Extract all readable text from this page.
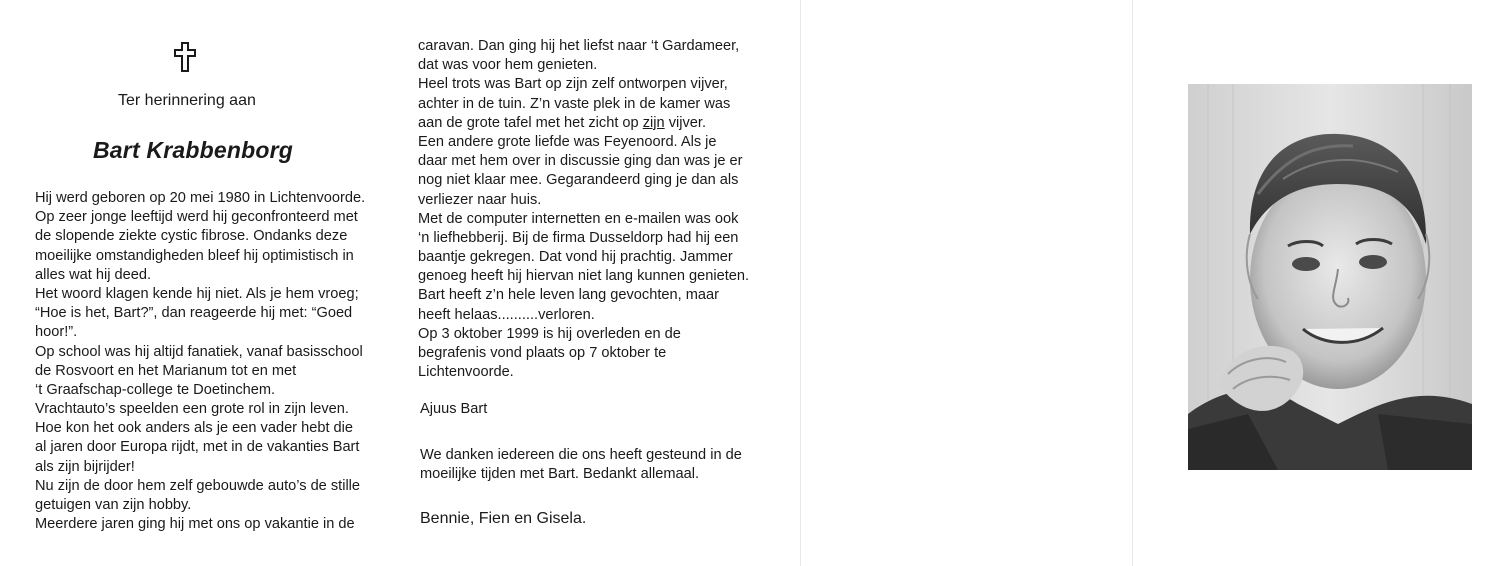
Ter herinnering aan
Bart Krabbenborg
Hij werd geboren op 20 mei 1980 in Lichtenvoorde.
Op zeer jonge leeftijd werd hij geconfronteerd met
de slopende ziekte cystic fibrose. Ondanks deze
moeilijke omstandigheden bleef hij optimistisch in
alles wat hij deed.
Het woord klagen kende hij niet. Als je hem vroeg;
“Hoe is het, Bart?”, dan reageerde hij met: “Goed
hoor!”.
Op school was hij altijd fanatiek, vanaf basisschool
de Rosvoort en het Marianum tot en met
‘t Graafschap-college te Doetinchem.
Vrachtauto’s speelden een grote rol in zijn leven.
Hoe kon het ook anders als je een vader hebt die
al jaren door Europa rijdt, met in de vakanties Bart
als zijn bijrijder!
Nu zijn de door hem zelf gebouwde auto’s de stille
getuigen van zijn hobby.
Meerdere jaren ging hij met ons op vakantie in de
caravan. Dan ging hij het liefst naar ‘t Gardameer,
dat was voor hem genieten.
Heel trots was Bart op zijn zelf ontworpen vijver,
achter in de tuin. Z’n vaste plek in de kamer was
aan de grote tafel met het zicht op zijn vijver.
Een andere grote liefde was Feyenoord. Als je
daar met hem over in discussie ging dan was je er
nog niet klaar mee. Gegarandeerd ging je dan als
verliezer naar huis.
Met de computer internetten en e-mailen was ook
‘n liefhebberij. Bij de firma Dusseldorp had hij een
baantje gekregen. Dat vond hij prachtig. Jammer
genoeg heeft hij hiervan niet lang kunnen genieten.
Bart heeft z’n hele leven lang gevochten, maar
heeft helaas..........verloren.
Op 3 oktober 1999 is hij overleden en de
begrafenis vond plaats op 7 oktober te
Lichtenvoorde.
Ajuus Bart
We danken iedereen die ons heeft gesteund in de
moeilijke tijden met Bart. Bedankt allemaal.
Bennie, Fien en Gisela.
